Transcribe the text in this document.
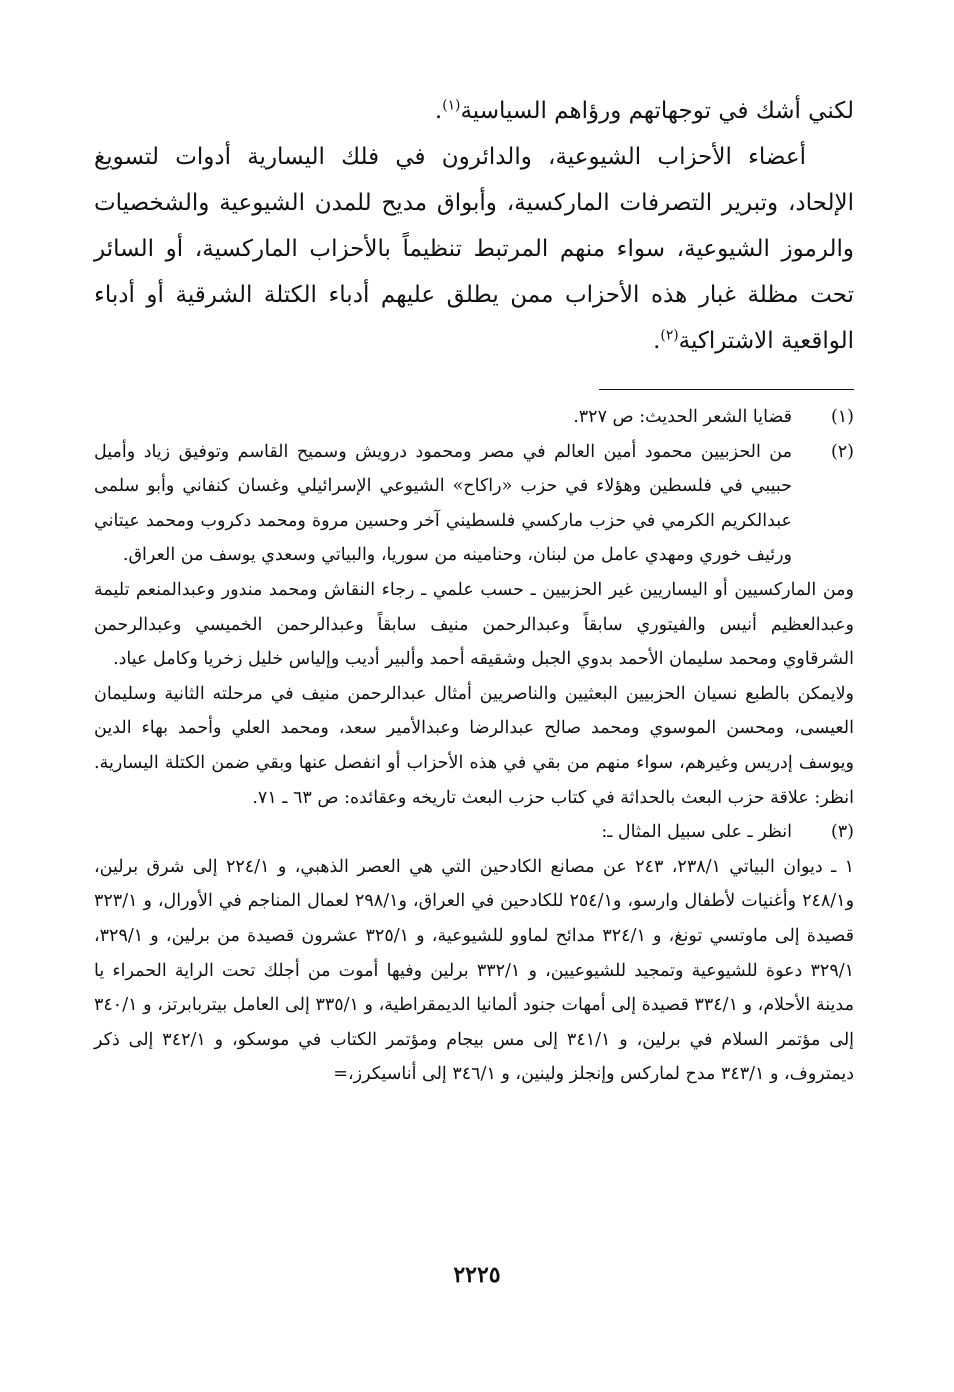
لكني أشك في توجهاتهم ورؤاهم السياسية$^{(١)}$.

أعضاء الأحزاب الشيوعية، والدائرون في فلك اليسارية أدوات لتسويغ الإلحاد، وتبرير التصرفات الماركسية، وأبواق مديح للمدن الشيوعية والشخصيات والرموز الشيوعية، سواء منهم المرتبط تنظيماً بالأحزاب الماركسية، أو السائر تحت مظلة غبار هذه الأحزاب ممن يطلق عليهم أدباء الكتلة الشرقية أو أدباء الواقعية الاشتراكية$^{(٢)}$.

(١)

قضايا الشعر الحديث: ص ٣٢٧.

(٢)

من الحزبيين محمود أمين العالم في مصر ومحمود درويش وسميح القاسم وتوفيق زياد وأميل حبيبي في فلسطين وهؤلاء في حزب «راكاح» الشيوعي الإسرائيلي وغسان كنفاني وأبو سلمى عبدالكريم الكرمي في حزب ماركسي فلسطيني آخر وحسين مروة ومحمد دكروب ومحمد عيتاني ورئيف خوري ومهدي عامل من لبنان، وحنامينه من سوريا، والبياتي وسعدي يوسف من العراق.

ومن الماركسيين أو اليساريين غير الحزبيين ـ حسب علمي ـ رجاء النقاش ومحمد مندور وعبدالمنعم تليمة وعبدالعظيم أنيس والفيتوري سابقاً وعبدالرحمن منيف سابقاً وعبدالرحمن الخميسي وعبدالرحمن الشرقاوي ومحمد سليمان الأحمد بدوي الجبل وشقيقه أحمد وألبير أديب وإلياس خليل زخريا وكامل عياد.

ولايمكن بالطبع نسيان الحزبيين البعثيين والناصريين أمثال عبدالرحمن منيف في مرحلته الثانية وسليمان العيسى، ومحسن الموسوي ومحمد صالح عبدالرضا وعبدالأمير سعد، ومحمد العلي وأحمد بهاء الدين ويوسف إدريس وغيرهم، سواء منهم من بقي في هذه الأحزاب أو انفصل عنها وبقي ضمن الكتلة اليسارية. انظر: علاقة حزب البعث بالحداثة في كتاب حزب البعث تاريخه وعقائده: ص ٦٣ ـ ٧١.

(٣)

انظر ـ على سبيل المثال ـ:

١ ـ ديوان البياتي ٢٣٨/١، ٢٤٣ عن مصانع الكادحين التي هي العصر الذهبي، و ٢٢٤/١ إلى شرق برلين، و٢٤٨/١ وأغنيات لأطفال وارسو، و٢٥٤/١ للكادحين في العراق، و٢٩٨/١ لعمال المناجم في الأورال، و ٣٢٣/١ قصيدة إلى ماوتسي تونغ، و ٣٢٤/١ مدائح لماوو للشيوعية، و ٣٢٥/١ عشرون قصيدة من برلين، و ٣٢٩/١، ٣٢٩/١ دعوة للشيوعية وتمجيد للشيوعيين، و ٣٣٢/١ برلين وفيها أموت من أجلك تحت الراية الحمراء يا مدينة الأحلام، و ٣٣٤/١ قصيدة إلى أمهات جنود ألمانيا الديمقراطية، و ٣٣٥/١ إلى العامل بيتربابرتز، و ٣٤٠/١ إلى مؤتمر السلام في برلين، و ٣٤١/١ إلى مس بيجام ومؤتمر الكتاب في موسكو، و ٣٤٢/١ إلى ذكر ديمتروف، و ٣٤٣/١ مدح لماركس وإنجلز ولينين، و ٣٤٦/١ إلى أناسيكرز،=

٢٢٢٥
